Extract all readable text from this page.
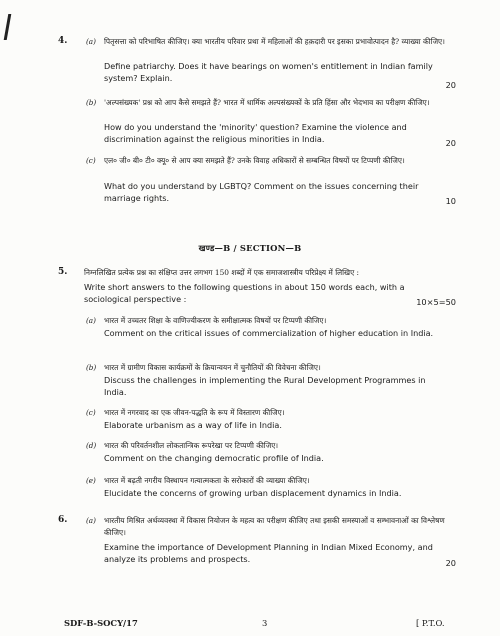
4.	(a) पितृसत्ता को परिभाषित कीजिए। क्या भारतीय परिवार प्रथा में महिलाओं की हक़दारी पर इसका प्रभावोत्पादन है? व्याख्या कीजिए।
Define patriarchy. Does it have bearings on women's entitlement in Indian family system? Explain.
20
(b) 'अल्पसंख्यक' प्रश्न को आप कैसे समझते हैं? भारत में धार्मिक अल्पसंख्यकों के प्रति हिंसा और भेदभाव का परीक्षण कीजिए।
How do you understand the 'minority' question? Examine the violence and discrimination against the religious minorities in India.	20
(c) एल० जी० बी० टी० क्यू० से आप क्या समझते हैं? उनके विवाह अधिकारों से सम्बन्धित विषयों पर टिप्पणी कीजिए।
What do you understand by LGBTQ? Comment on the issues concerning their marriage rights.	10
खण्ड—B / SECTION—B
5. निम्नलिखित प्रत्येक प्रश्न का संक्षिप्त उत्तर लगभग 150 शब्दों में एक समाजशास्त्रीय परिप्रेक्ष्य में लिखिए :
Write short answers to the following questions in about 150 words each, with a sociological perspective :	10×5=50
(a) भारत में उच्चतर शिक्षा के वाणिज्यीकरण के समीक्षात्मक विषयों पर टिप्पणी कीजिए।
Comment on the critical issues of commercialization of higher education in India.
(b) भारत में ग्रामीण विकास कार्यक्रमों के क्रियान्वयन में चुनौतियों की विवेचना कीजिए।
Discuss the challenges in implementing the Rural Development Programmes in India.
(c) भारत में नगरवाद का एक जीवन-पद्धति के रूप में विस्तारण कीजिए।
Elaborate urbanism as a way of life in India.
(d) भारत की परिवर्तनशील लोकतान्त्रिक रूपरेखा पर टिप्पणी कीजिए।
Comment on the changing democratic profile of India.
(e) भारत में बढ़ती नगरीय विस्थापन गत्यात्मकता के सरोकारों की व्याख्या कीजिए।
Elucidate the concerns of growing urban displacement dynamics in India.
6.	(a) भारतीय मिश्रित अर्थव्यवस्था में विकास नियोजन के महत्व का परीक्षण कीजिए तथा इसकी समस्याओं व सम्भावनाओं का विश्लेषण कीजिए।
Examine the importance of Development Planning in Indian Mixed Economy, and analyze its problems and prospects.	20
SDF-B-SOCY/17	3	[ P.T.O.
